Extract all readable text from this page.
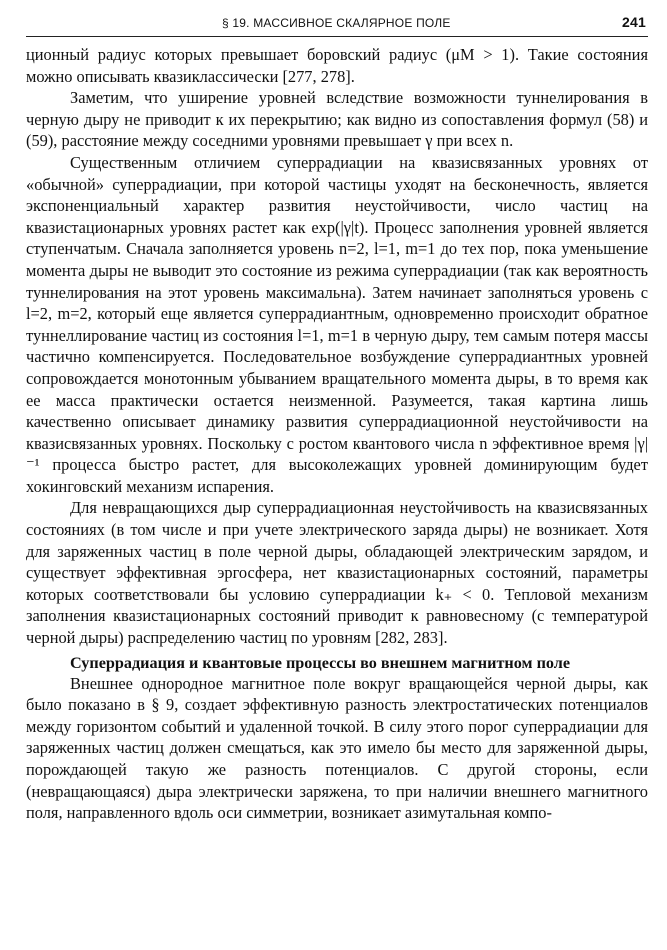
§ 19. МАССИВНОЕ СКАЛЯРНОЕ ПОЛЕ	241

ционный радиус которых превышает боровский радиус (μM > 1). Такие состояния можно описывать квазиклассически [277, 278].

Заметим, что уширение уровней вследствие возможности туннелирования в черную дыру не приводит к их перекрытию; как видно из сопоставления формул (58) и (59), расстояние между соседними уровнями превышает γ при всех n.

Существенным отличием суперрадиации на квазисвязанных уровнях от «обычной» суперрадиации, при которой частицы уходят на бесконечность, является экспоненциальный характер развития неустойчивости, число частиц на квазистационарных уровнях растет как exp(|γ|t). Процесс заполнения уровней является ступенчатым. Сначала заполняется уровень n=2, l=1, m=1 до тех пор, пока уменьшение момента дыры не выводит это состояние из режима суперрадиации (так как вероятность туннелирования на этот уровень максимальна). Затем начинает заполняться уровень с l=2, m=2, который еще является суперрадиантным, одновременно происходит обратное туннеллирование частиц из состояния l=1, m=1 в черную дыру, тем самым потеря массы частично компенсируется. Последовательное возбуждение суперрадиантных уровней сопровождается монотонным убыванием вращательного момента дыры, в то время как ее масса практически остается неизменной. Разумеется, такая картина лишь качественно описывает динамику развития суперрадиационной неустойчивости на квазисвязанных уровнях. Поскольку с ростом квантового числа n эффективное время |γ|⁻¹ процесса быстро растет, для высоколежащих уровней доминирующим будет хокинговский механизм испарения.

Для невращающихся дыр суперрадиационная неустойчивость на квазисвязанных состояниях (в том числе и при учете электрического заряда дыры) не возникает. Хотя для заряженных частиц в поле черной дыры, обладающей электрическим зарядом, и существует эффективная эргосфера, нет квазистационарных состояний, параметры которых соответствовали бы условию суперрадиации k₊ < 0. Тепловой механизм заполнения квазистационарных состояний приводит к равновесному (с температурой черной дыры) распределению частиц по уровням [282, 283].

Суперрадиация и квантовые процессы во внешнем магнитном поле

Внешнее однородное магнитное поле вокруг вращающейся черной дыры, как было показано в § 9, создает эффективную разность электростатических потенциалов между горизонтом событий и удаленной точкой. В силу этого порог суперрадиации для заряженных частиц должен смещаться, как это имело бы место для заряженной дыры, порождающей такую же разность потенциалов. С другой стороны, если (невращающаяся) дыра электрически заряжена, то при наличии внешнего магнитного поля, направленного вдоль оси симметрии, возникает азимутальная компо-
